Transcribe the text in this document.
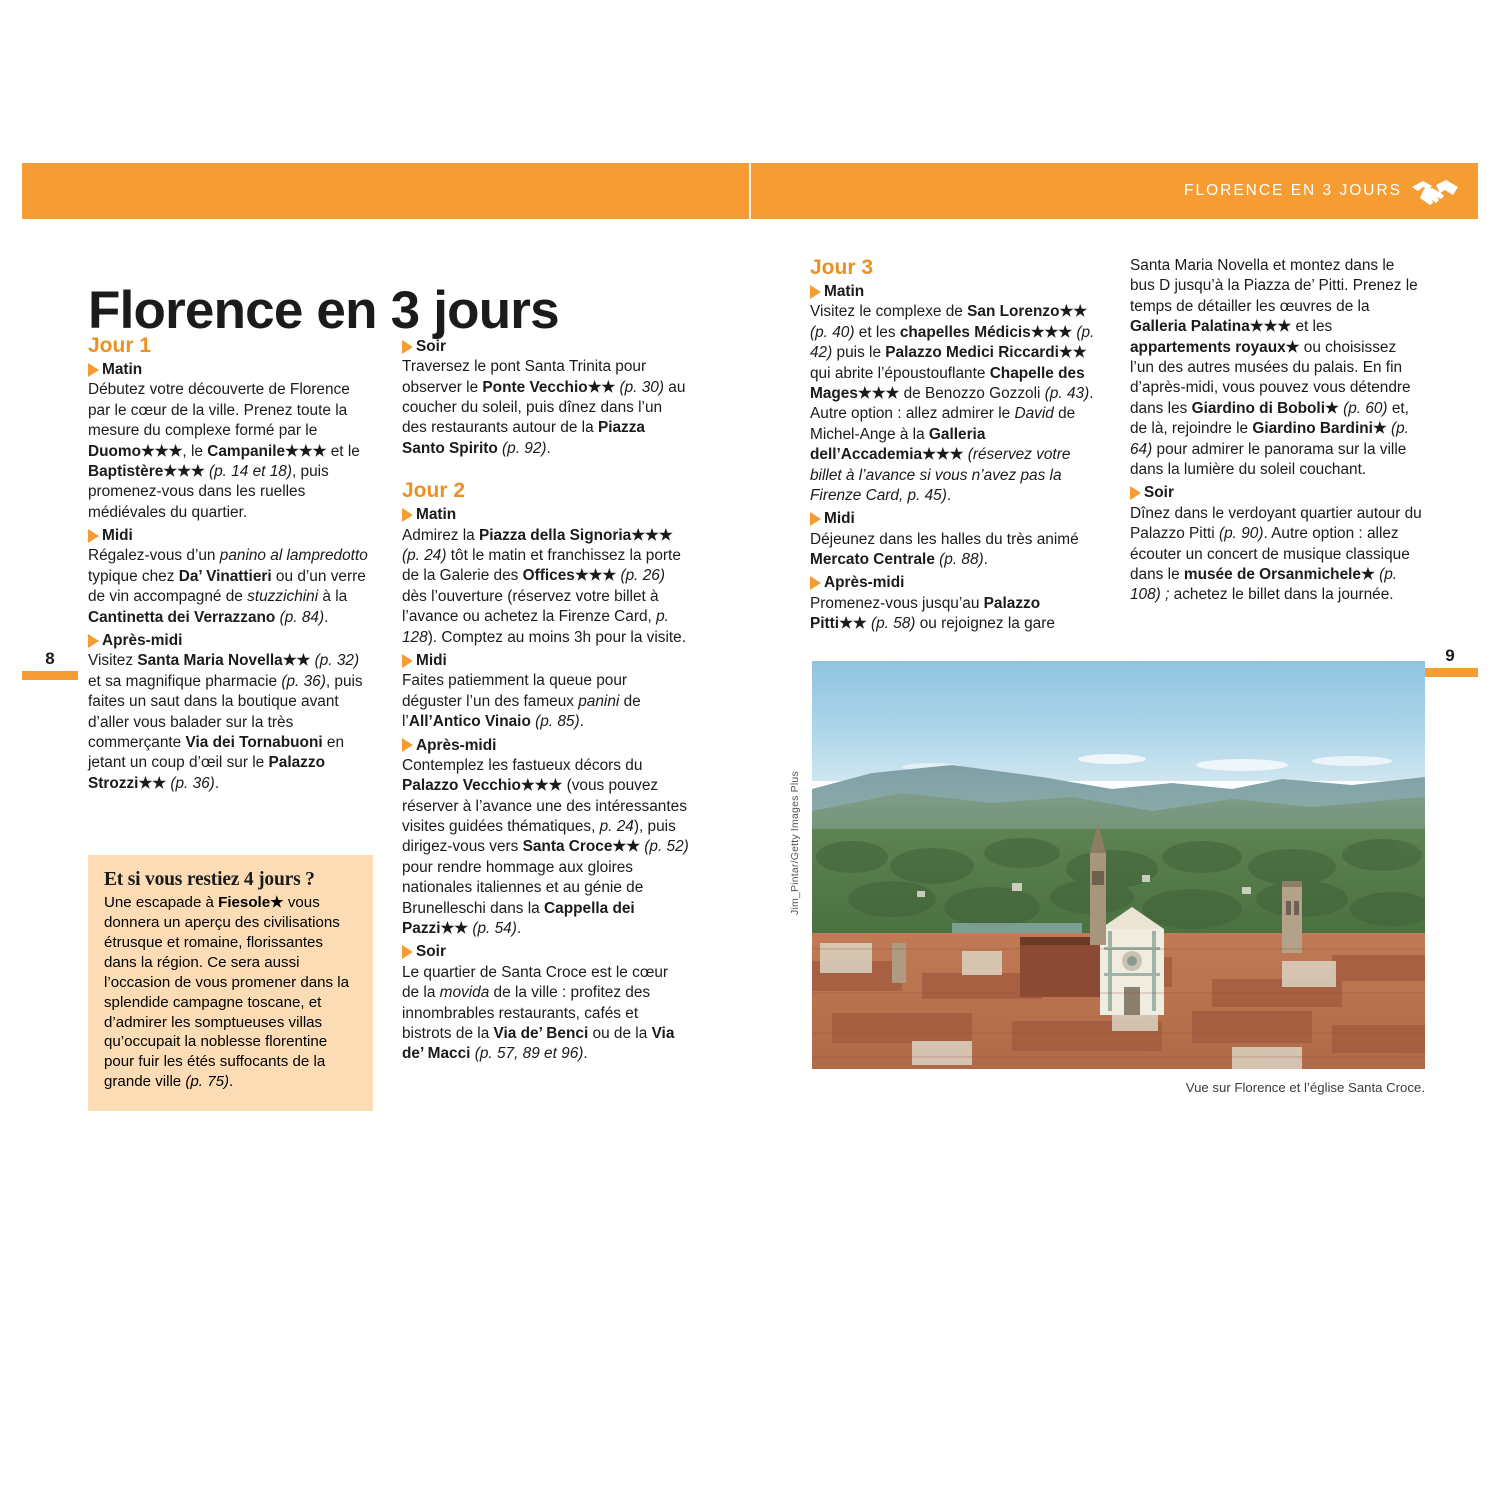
FLORENCE EN 3 JOURS
8	9
Florence en 3 jours
Jour 1
Matin

Débutez votre découverte de Florence par le cœur de la ville. Prenez toute la mesure du complexe formé par le Duomo★★★, le Campanile★★★ et le Baptistère★★★ (p. 14 et 18), puis promenez-vous dans les ruelles médiévales du quartier.

Midi

Régalez-vous d’un panino al lampredotto typique chez Da’ Vinattieri ou d’un verre de vin accompagné de stuzzichini à la Cantinetta dei Verrazzano (p. 84).

Après-midi

Visitez Santa Maria Novella★★ (p. 32) et sa magnifique pharmacie (p. 36), puis faites un saut dans la boutique avant d’aller vous balader sur la très commerçante Via dei Tornabuoni en jetant un coup d’œil sur le Palazzo Strozzi★★ (p. 36).

Soir

Traversez le pont Santa Trinita pour observer le Ponte Vecchio★★ (p. 30) au coucher du soleil, puis dînez dans l’un des restaurants autour de la Piazza Santo Spirito (p. 92).

Jour 2
Matin

Admirez la Piazza della Signoria★★★ (p. 24) tôt le matin et franchissez la porte de la Galerie des Offices★★★ (p. 26) dès l’ouverture (réservez votre billet à l’avance ou achetez la Firenze Card, p. 128). Comptez au moins 3h pour la visite.

Midi

Faites patiemment la queue pour déguster l’un des fameux panini de l’All’Antico Vinaio (p. 85).

Après-midi

Contemplez les fastueux décors du Palazzo Vecchio★★★ (vous pouvez réserver à l’avance une des intéressantes visites guidées thématiques, p. 24), puis dirigez-vous vers Santa Croce★★ (p. 52) pour rendre hommage aux gloires nationales italiennes et au génie de Brunelleschi dans la Cappella dei Pazzi★★ (p. 54).

Soir

Le quartier de Santa Croce est le cœur de la movida de la ville : profitez des innombrables restaurants, cafés et bistrots de la Via de’ Benci ou de la Via de’ Macci (p. 57, 89 et 96).

Jour 3
Matin

Visitez le complexe de San Lorenzo★★ (p. 40) et les chapelles Médicis★★★ (p. 42) puis le Palazzo Medici Riccardi★★ qui abrite l’époustouflante Chapelle des Mages★★★ de Benozzo Gozzoli (p. 43). Autre option : allez admirer le David de Michel-Ange à la Galleria dell’Accademia★★★ (réservez votre billet à l’avance si vous n’avez pas la Firenze Card, p. 45).

Midi

Déjeunez dans les halles du très animé Mercato Centrale (p. 88).

Après-midi

Promenez-vous jusqu’au Palazzo Pitti★★ (p. 58) ou rejoignez la gare

Santa Maria Novella et montez dans le bus D jusqu’à la Piazza de’ Pitti. Prenez le temps de détailler les œuvres de la Galleria Palatina★★★ et les appartements royaux★ ou choisissez l’un des autres musées du palais. En fin d’après-midi, vous pouvez vous détendre dans les Giardino di Boboli★ (p. 60) et, de là, rejoindre le Giardino Bardini★ (p. 64) pour admirer le panorama sur la ville dans la lumière du soleil couchant.

Soir

Dînez dans le verdoyant quartier autour du Palazzo Pitti (p. 90). Autre option : allez écouter un concert de musique classique dans le musée de Orsanmichele★ (p. 108) ; achetez le billet dans la journée.

Et si vous restiez 4 jours ?

Une escapade à Fiesole★ vous donnera un aperçu des civilisations étrusque et romaine, florissantes dans la région. Ce sera aussi l’occasion de vous promener dans la splendide campagne toscane, et d’admirer les somptueuses villas qu’occupait la noblesse florentine pour fuir les étés suffocants de la grande ville (p. 75).

Jim_Pintar/Getty Images Plus
Vue sur Florence et l’église Santa Croce.
